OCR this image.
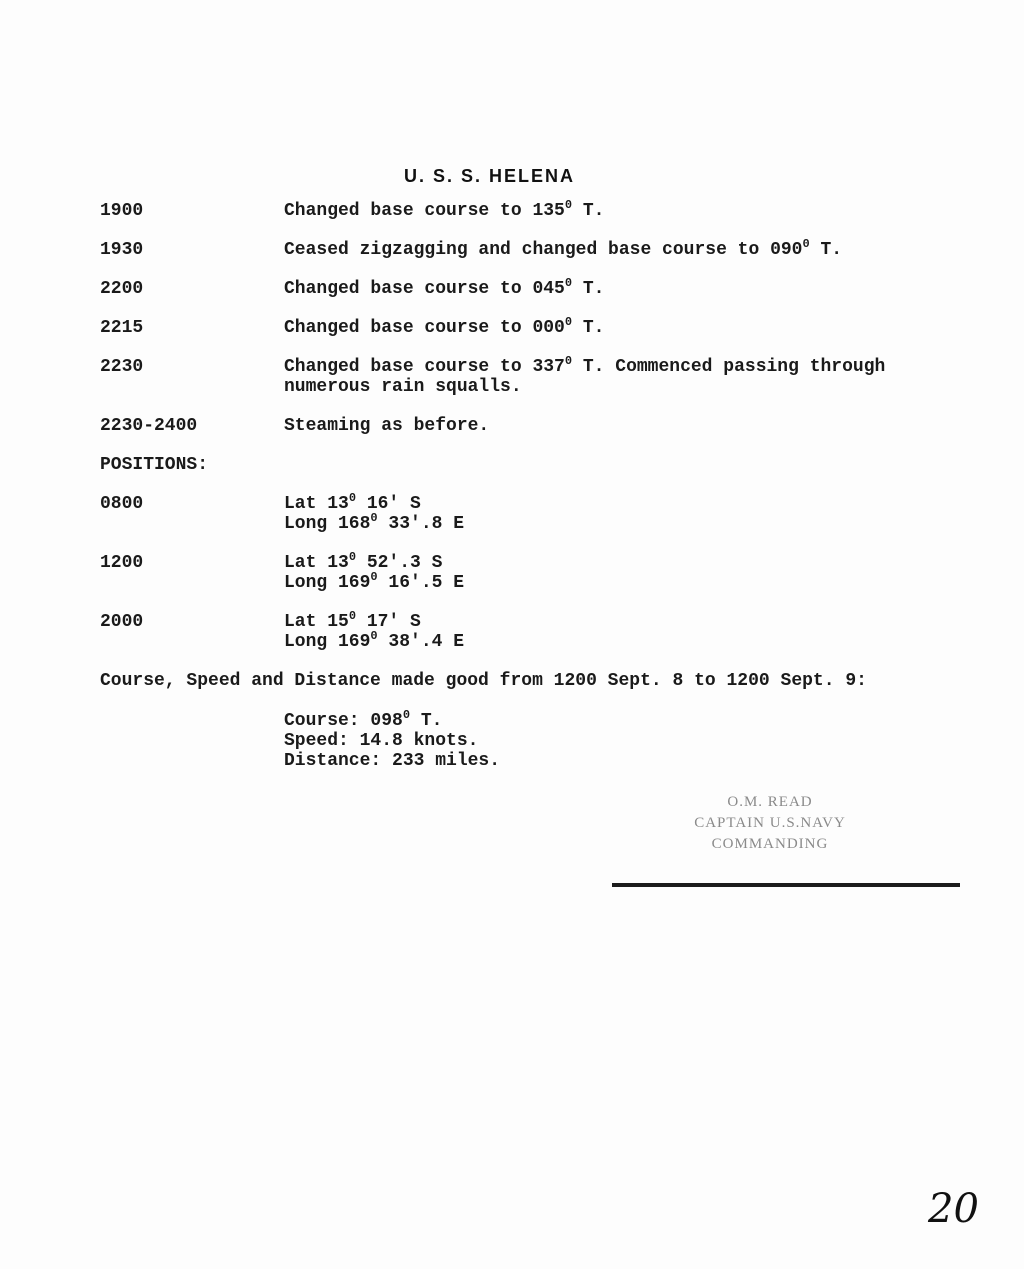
U. S. S. HELENA
1900	Changed base course to $135^0$ T.
1930	Ceased zigzagging and changed base course to $090^0$ T.
2200	Changed base course to $045^0$ T.
2215	Changed base course to $000^0$ T.
2230	Changed base course to $337^0$ T. Commenced passing through
numerous rain squalls.
2230-2400	Steaming as before.
POSITIONS:
0800	Lat $13^0$ 16' S
Long $168^0$ 33'.8 E
1200	Lat $13^0$ 52'.3 S
Long $169^0$ 16'.5 E
2000	Lat $15^0$ 17' S
Long $169^0$ 38'.4 E
Course, Speed and Distance made good from 1200 Sept. 8 to 1200 Sept. 9:
Course: $098^0$ T.
Speed: 14.8 knots.
Distance: 233 miles.
O.M. READ
CAPTAIN U.S.NAVY
COMMANDING
20
